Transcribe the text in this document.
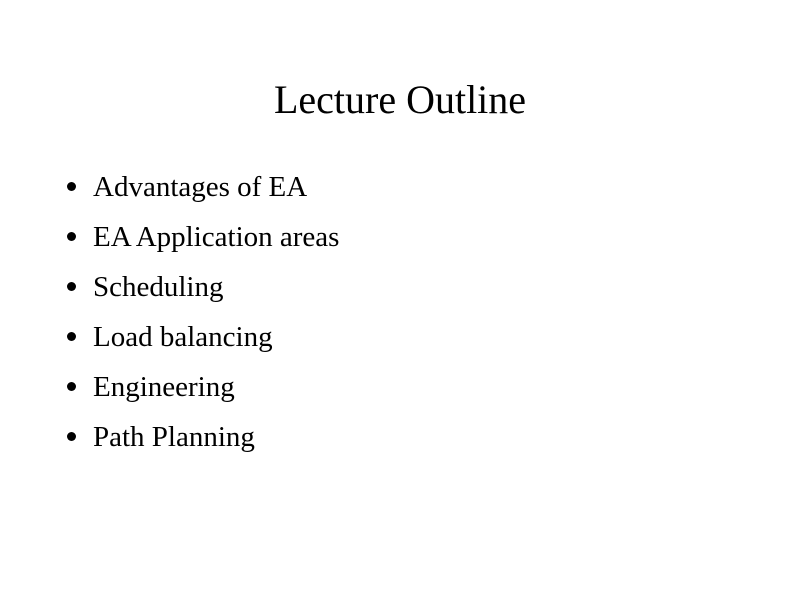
Lecture Outline
Advantages of EA
EA Application areas
Scheduling
Load balancing
Engineering
Path Planning
